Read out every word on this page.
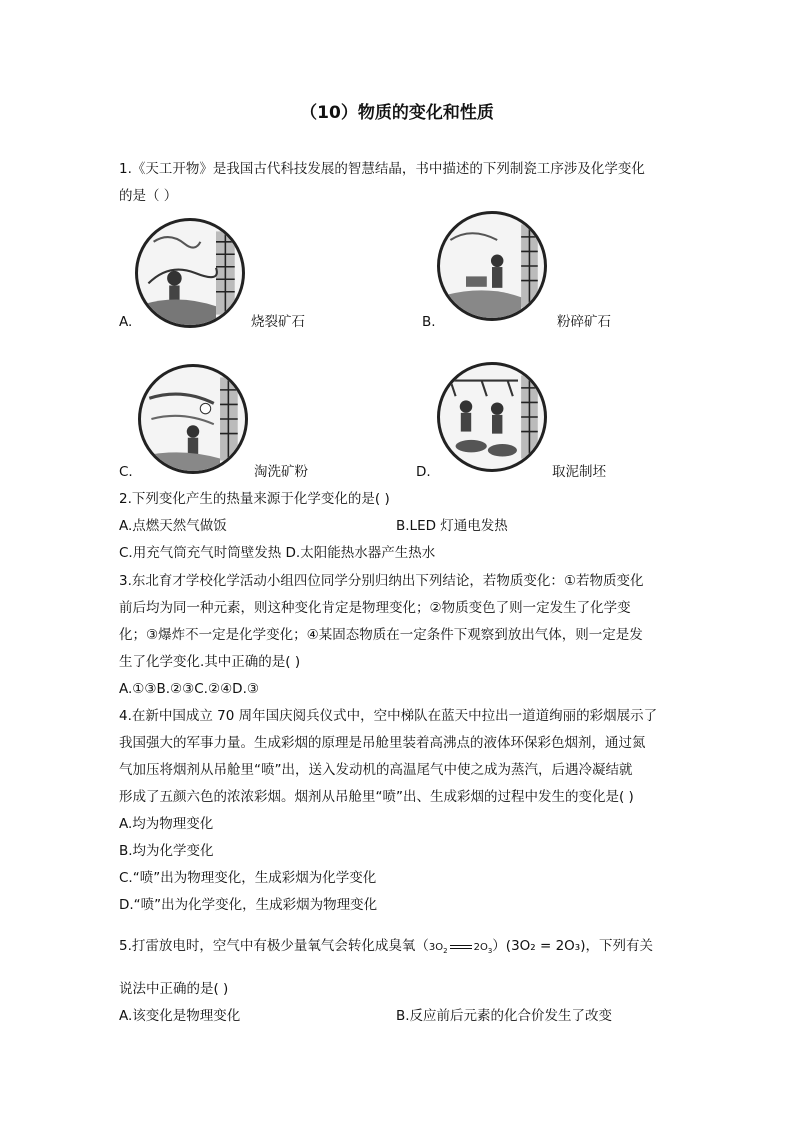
（10）物质的变化和性质
1.《天工开物》是我国古代科技发展的智慧结晶，书中描述的下列制瓷工序涉及化学变化
的是（ ）
A.	烧裂矿石	B.	粉碎矿石
C.	淘洗矿粉	D.	取泥制坯
2.下列变化产生的热量来源于化学变化的是( )
A.点燃天然气做饭	B.LED 灯通电发热
C.用充气筒充气时筒壁发热 D.太阳能热水器产生热水
3.东北育才学校化学活动小组四位同学分别归纳出下列结论，若物质变化：①若物质变化
前后均为同一种元素，则这种变化肯定是物理变化；②物质变色了则一定发生了化学变
化；③爆炸不一定是化学变化；④某固态物质在一定条件下观察到放出气体，则一定是发
生了化学变化.其中正确的是( )
A.①③B.②③C.②④D.③
4.在新中国成立 70 周年国庆阅兵仪式中，空中梯队在蓝天中拉出一道道绚丽的彩烟展示了
我国强大的军事力量。生成彩烟的原理是吊舱里装着高沸点的液体环保彩色烟剂，通过氮
气加压将烟剂从吊舱里“喷”出，送入发动机的高温尾气中使之成为蒸汽，后遇冷凝结就
形成了五颜六色的浓浓彩烟。烟剂从吊舱里“喷”出、生成彩烟的过程中发生的变化是( )
A.均为物理变化
B.均为化学变化
C.“喷”出为物理变化，生成彩烟为化学变化
D.“喷”出为化学变化，生成彩烟为物理变化
5.打雷放电时，空气中有极少量氧气会转化成臭氧（$3O_2$	$2O_3)(3O_2 = 2O_3)$，下列有关
说法中正确的是( )
A.该变化是物理变化	B.反应前后元素的化合价发生了改变
